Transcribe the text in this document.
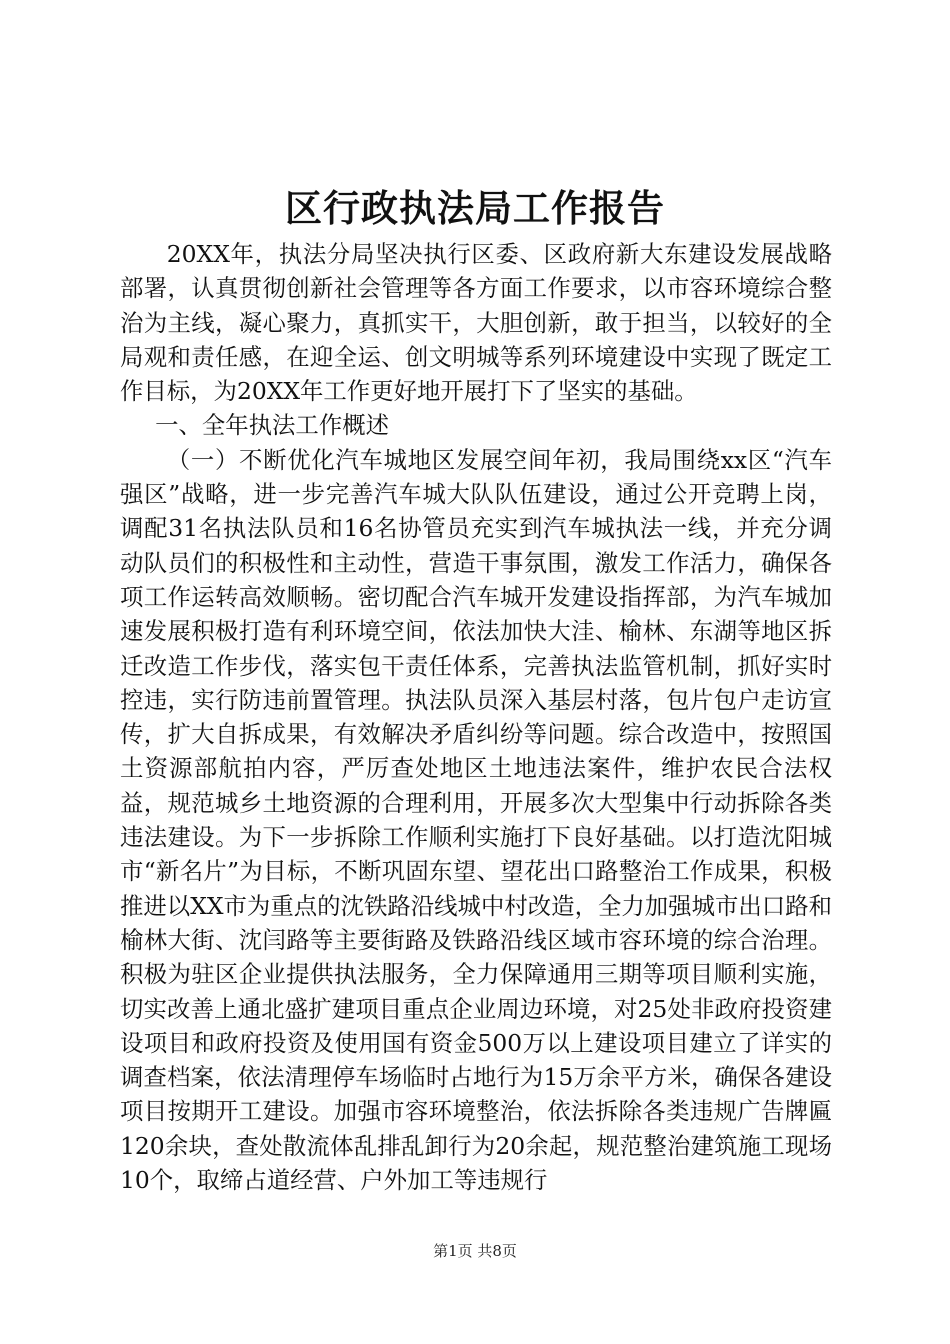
区行政执法局工作报告

20XX年，执法分局坚决执行区委、区政府新大东建设发展战略部署，认真贯彻创新社会管理等各方面工作要求，以市容环境综合整治为主线，凝心聚力，真抓实干，大胆创新，敢于担当，以较好的全局观和责任感，在迎全运、创文明城等系列环境建设中实现了既定工作目标，为20XX年工作更好地开展打下了坚实的基础。

一、全年执法工作概述

（一）不断优化汽车城地区发展空间年初，我局围绕xx区“汽车强区”战略，进一步完善汽车城大队队伍建设，通过公开竞聘上岗，调配31名执法队员和16名协管员充实到汽车城执法一线，并充分调动队员们的积极性和主动性，营造干事氛围，激发工作活力，确保各项工作运转高效顺畅。密切配合汽车城开发建设指挥部，为汽车城加速发展积极打造有利环境空间，依法加快大洼、榆林、东湖等地区拆迁改造工作步伐，落实包干责任体系，完善执法监管机制，抓好实时控违，实行防违前置管理。执法队员深入基层村落，包片包户走访宣传，扩大自拆成果，有效解决矛盾纠纷等问题。综合改造中，按照国土资源部航拍内容，严厉查处地区土地违法案件，维护农民合法权益，规范城乡土地资源的合理利用，开展多次大型集中行动拆除各类违法建设。为下一步拆除工作顺利实施打下良好基础。以打造沈阳城市“新名片”为目标，不断巩固东望、望花出口路整治工作成果，积极推进以XX市为重点的沈铁路沿线城中村改造，全力加强城市出口路和榆林大街、沈闫路等主要街路及铁路沿线区域市容环境的综合治理。积极为驻区企业提供执法服务，全力保障通用三期等项目顺利实施，切实改善上通北盛扩建项目重点企业周边环境，对25处非政府投资建设项目和政府投资及使用国有资金500万以上建设项目建立了详实的调查档案，依法清理停车场临时占地行为15万余平方米，确保各建设项目按期开工建设。加强市容环境整治，依法拆除各类违规广告牌匾120余块，查处散流体乱排乱卸行为20余起，规范整治建筑施工现场10个，取缔占道经营、户外加工等违规行

第1页 共8页
